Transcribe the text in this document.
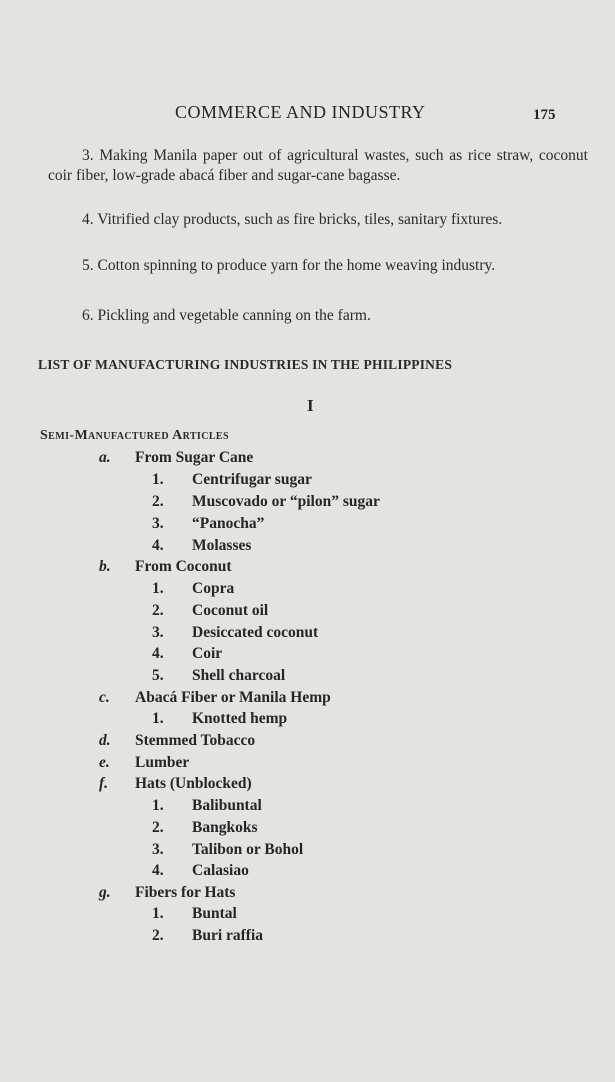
COMMERCE AND INDUSTRY	175
3. Making Manila paper out of agricultural wastes, such as rice straw, coconut coir fiber, low-grade abacá fiber and sugar-cane bagasse.
4. Vitrified clay products, such as fire bricks, tiles, sanitary fixtures.
5. Cotton spinning to produce yarn for the home weaving industry.
6. Pickling and vegetable canning on the farm.
LIST OF MANUFACTURING INDUSTRIES IN THE PHILIPPINES
I
Semi-Manufactured Articles
a. From Sugar Cane
1. Centrifugar sugar
2. Muscovado or “pilon” sugar
3. “Panocha”
4. Molasses
b. From Coconut
1. Copra
2. Coconut oil
3. Desiccated coconut
4. Coir
5. Shell charcoal
c. Abacá Fiber or Manila Hemp
1. Knotted hemp
d. Stemmed Tobacco
e. Lumber
f. Hats (Unblocked)
1. Balibuntal
2. Bangkoks
3. Talibon or Bohol
4. Calasiao
g. Fibers for Hats
1. Buntal
2. Buri raffia
